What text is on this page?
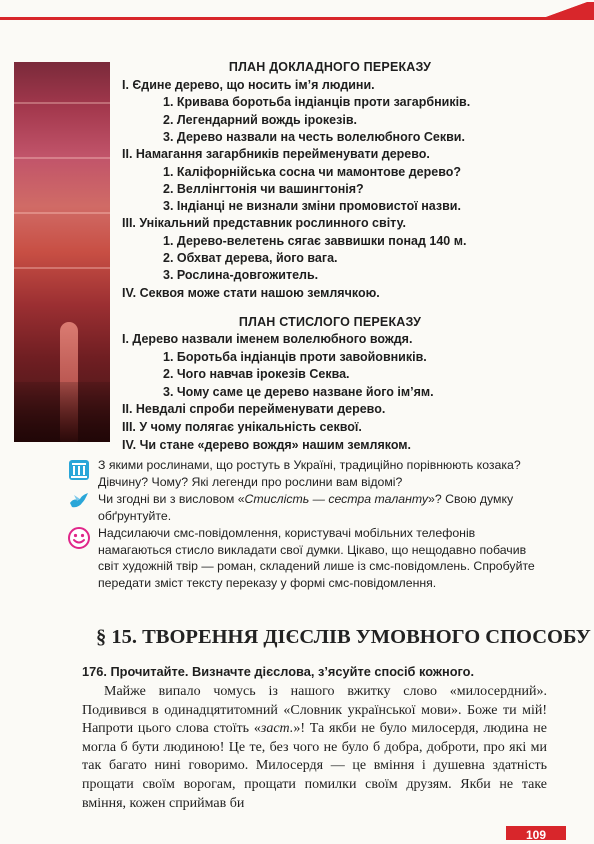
ПЛАН ДОКЛАДНОГО ПЕРЕКАЗУ
І. Єдине дерево, що носить ім’я людини.
1. Кривава боротьба індіанців проти загарбників.
2. Легендарний вождь ірокезів.
3. Дерево назвали на честь волелюбного Секви.
ІІ. Намагання загарбників перейменувати дерево.
1. Каліфорнійська сосна чи мамонтове дерево?
2. Веллінгтонія чи вашингтонія?
3. Індіанці не визнали зміни промовистої назви.
ІІІ. Унікальний представник рослинного світу.
1. Дерево-велетень сягає заввишки понад 140 м.
2. Обхват дерева, його вага.
3. Рослина-довгожитель.
IV. Секвоя може стати нашою землячкою.
ПЛАН СТИСЛОГО ПЕРЕКАЗУ
І. Дерево назвали іменем волелюбного вождя.
1. Боротьба індіанців проти завойовників.
2. Чого навчав ірокезів Секва.
3. Чому саме це дерево назване його ім’ям.
ІІ. Невдалі спроби перейменувати дерево.
ІІІ. У чому полягає унікальність секвої.
IV. Чи стане «дерево вождя» нашим земляком.
З якими рослинами, що ростуть в Україні, традиційно порівнюють козака? Дівчину? Чому? Які легенди про рослини вам відомі?
Чи згодні ви з висловом «Стислість — сестра таланту»? Свою думку обґрунтуйте.
Надсилаючи смс-повідомлення, користувачі мобільних телефонів намагаються стисло викладати свої думки. Цікаво, що нещодавно побачив світ художній твір — роман, складений лише із смс-повідомлень. Спробуйте передати зміст тексту переказу у формі смс-повідомлення.
§ 15. ТВОРЕННЯ ДІЄСЛІВ УМОВНОГО СПОСОБУ
176. Прочитайте. Визначте дієслова, з’ясуйте спосіб кожного.
Майже випало чомусь із нашого вжитку слово «милосердний». Подивився в одинадцятитомний «Словник української мови». Боже ти мій! Напроти цього слова стоїть «заст.»! Та якби не було милосердя, людина не могла б бути людиною! Це те, без чого не було б добра, доброти, про які ми так багато нині говоримо. Милосердя — це вміння і душевна здатність прощати своїм ворогам, прощати помилки своїм друзям. Якби не таке вміння, кожен сприймав би
109
